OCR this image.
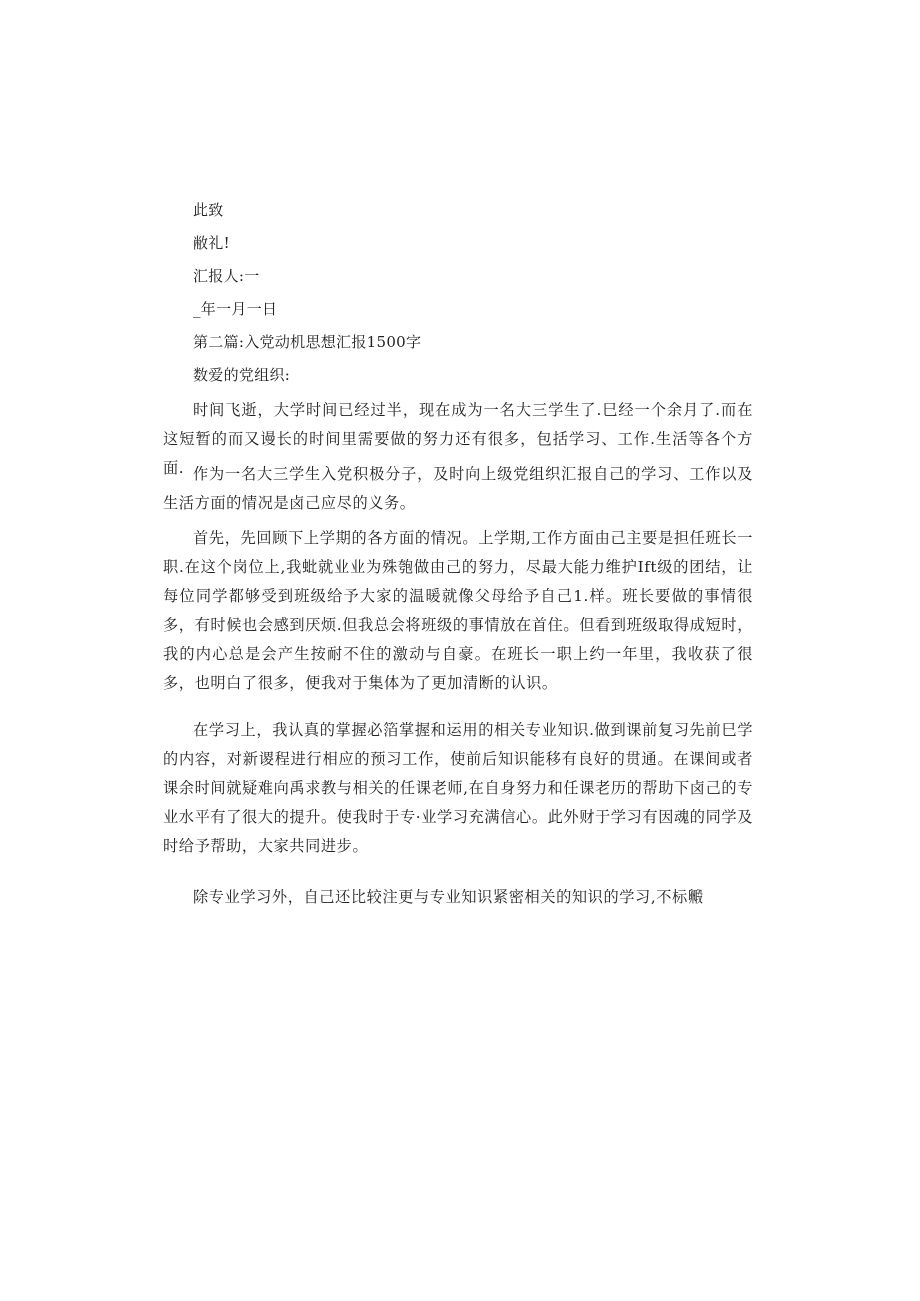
此致
敝礼!
汇报人:一
_年一月一日
第二篇:入党动机思想汇报1500字
数爱的党组织:

时间飞逝，大学时间已经过半，现在成为一名大三学生了.巳经一个余月了.而在这短暂的而又谩长的时间里需要做的努力还有很多，包括学习、工作.生活等各个方面. 作为一名大三学生入党积极分子，及时向上级党组织汇报自己的学习、工作以及生活方面的情况是卤己应尽的义务。

首先，先回顾下上学期的各方面的情况。上学期,工作方面由己主要是担任班长一职.在这个岗位上,我蚍就业业为殊匏做由己的努力，尽最大能力维护Ift级的团结，让每位同学都够受到班级给予大家的温暖就像父母给予自己1.样。班长要做的事情很多，有时候也会感到厌烦.但我总会将班级的事情放在首住。但看到班级取得成短时，我的内心总是会产生按耐不住的激动与自豪。在班长一职上约一年里，我收获了很多，也明白了很多，便我对于集体为了更加清断的认识。

在学习上，我认真的掌握必箔掌握和运用的相关专业知识.做到课前复习先前巳学的内容，对新谡程进行相应的预习工作，使前后知识能移有良好的贯通。在课间或者课余时间就疑难向禹求教与相关的任课老师,在自身努力和任课老历的帮助下卤己的专业水平有了很大的提升。使我时于专·业学习充满信心。此外财于学习有因魂的同学及时给予帮助，大家共同进步。

除专业学习外，自己还比较注更与专业知识紧密相关的知识的学习,不标毈
